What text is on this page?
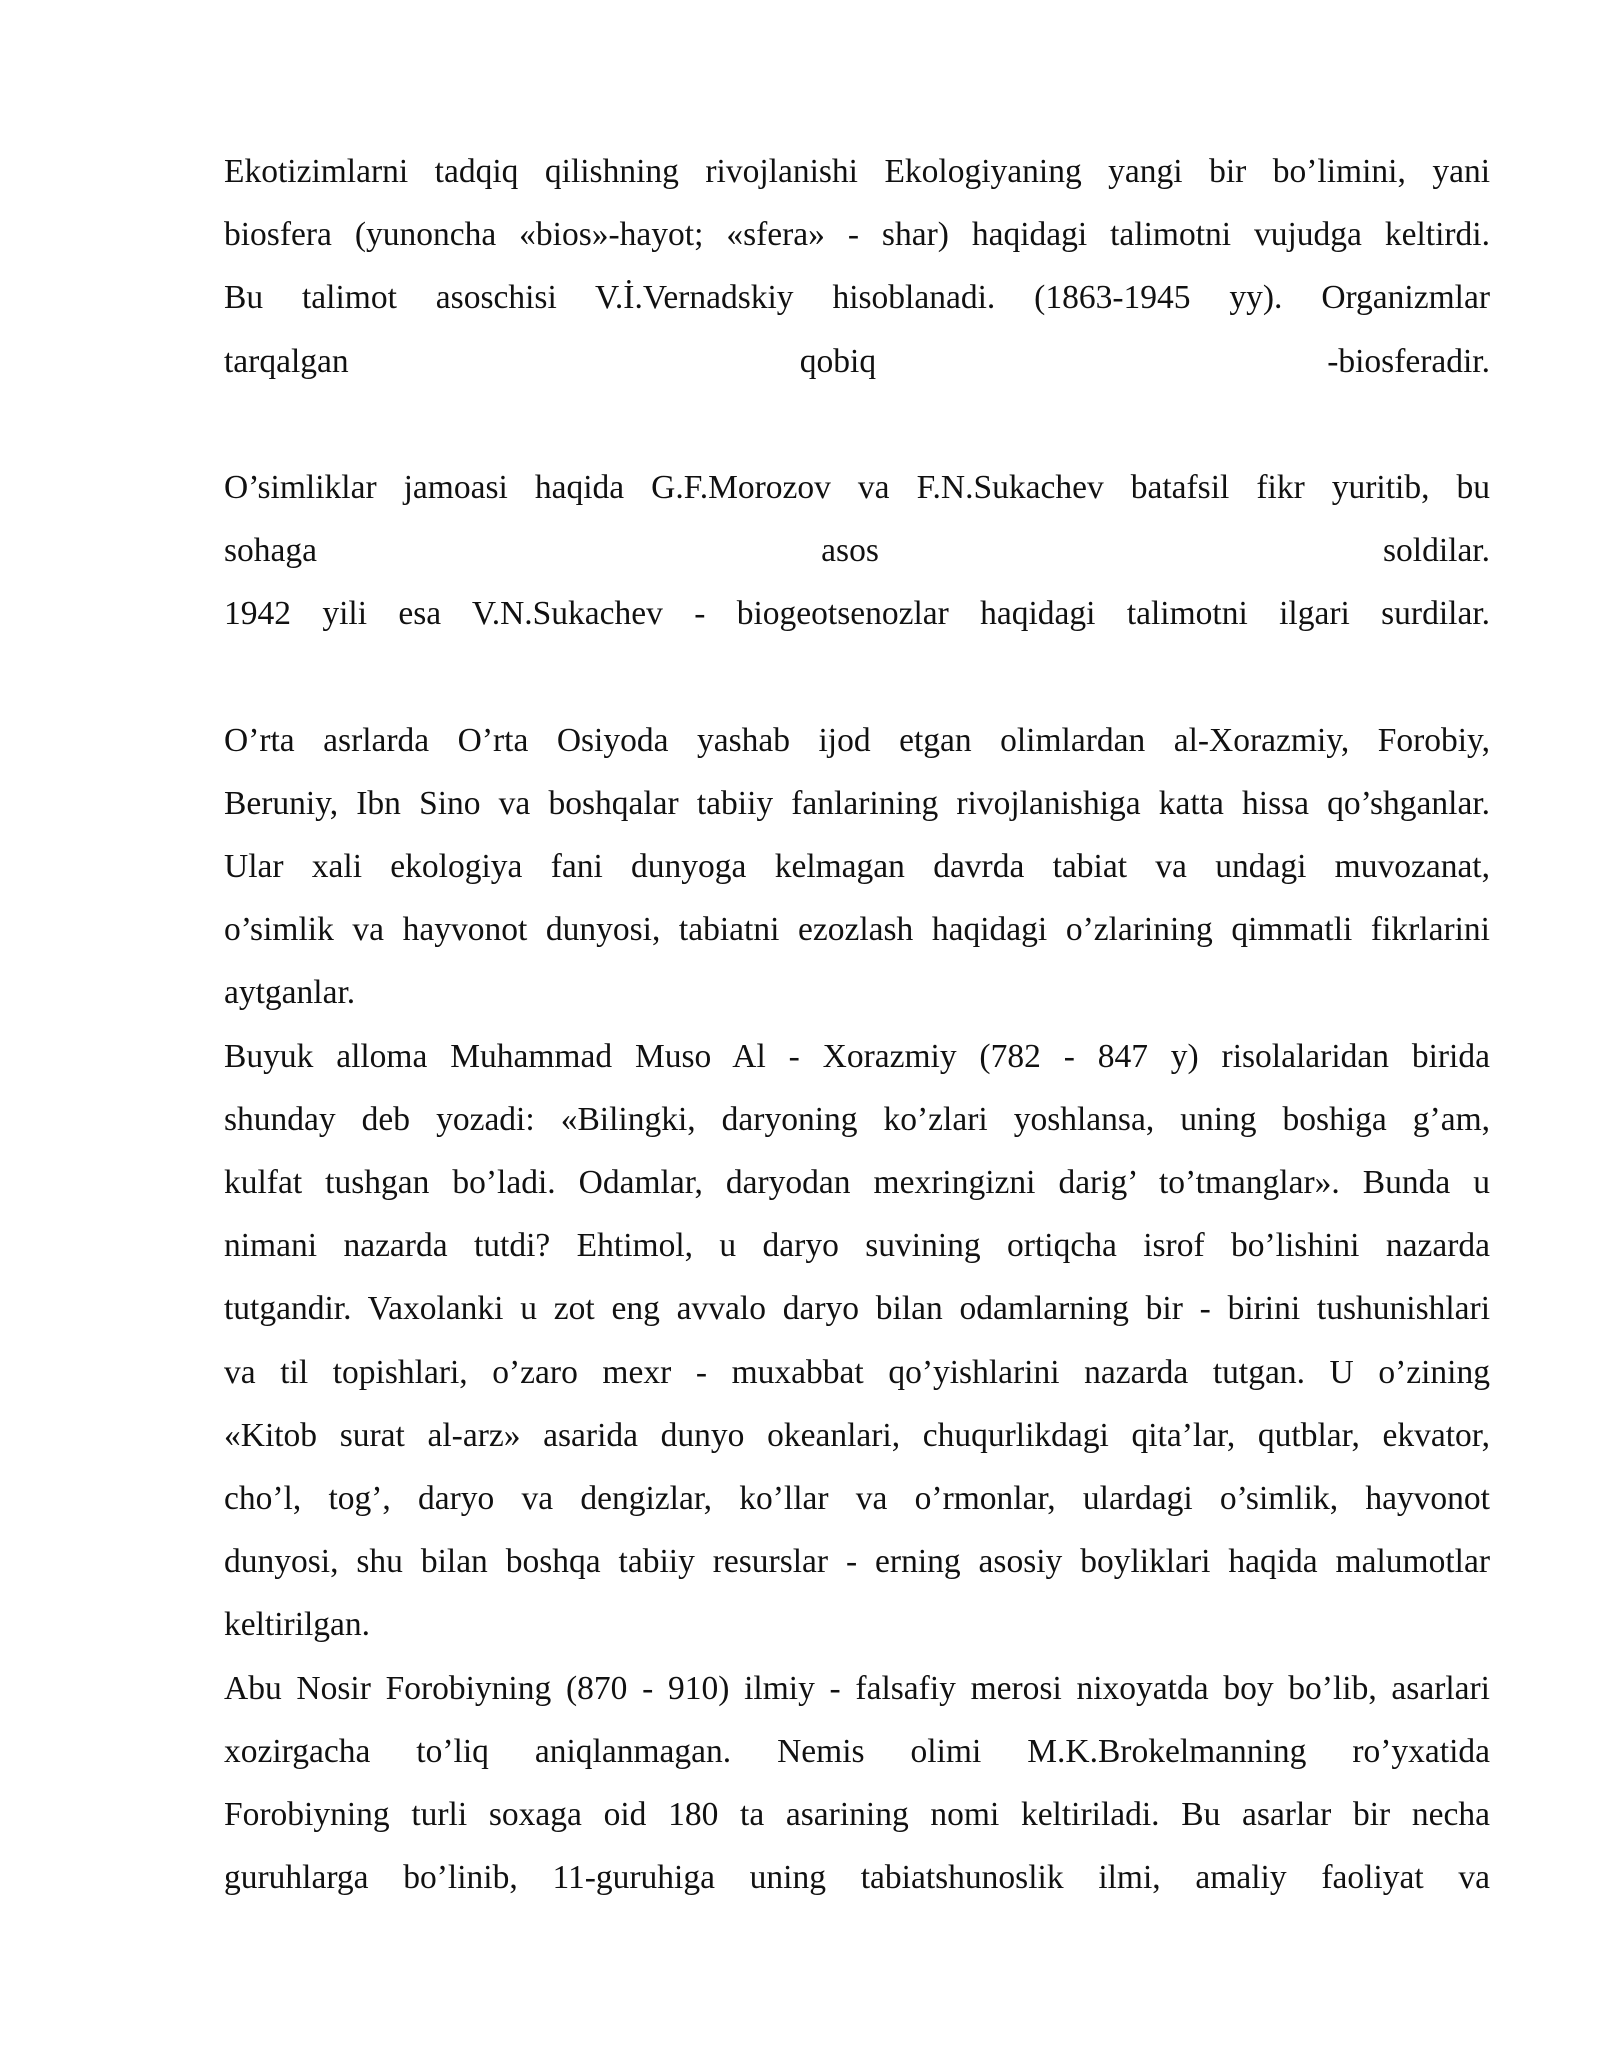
Ekotizimlarni tadqiq qilishning rivojlanishi Ekologiyaning yangi bir bo’limini, yani
biosfera (yunoncha «bios»-hayot; «sfera» - shar) haqidagi talimotni vujudga keltirdi.
Bu talimot asoschisi V.İ.Vernadskiy hisoblanadi. (1863-1945 yy). Organizmlar
tarqalgan qobiq -biosferadir.
O’simliklar jamoasi haqida G.F.Morozov va F.N.Sukachev batafsil fikr yuritib, bu
sohaga asos soldilar.
1942 yili esa V.N.Sukachev - biogeotsenozlar haqidagi talimotni ilgari surdilar.
O’rta asrlarda O’rta Osiyoda yashab ijod etgan olimlardan al-Xorazmiy, Forobiy,
Beruniy, Ibn Sino va boshqalar tabiiy fanlarining rivojlanishiga katta hissa qo’shganlar.
Ular xali ekologiya fani dunyoga kelmagan davrda tabiat va undagi muvozanat,
o’simlik va hayvonot dunyosi, tabiatni ezozlash haqidagi o’zlarining qimmatli fikrlarini
aytganlar.
Buyuk alloma Muhammad Muso Al - Xorazmiy (782 - 847 y) risolalaridan birida
shunday deb yozadi: «Bilingki, daryoning ko’zlari yoshlansa, uning boshiga g’am,
kulfat tushgan bo’ladi. Odamlar, daryodan mexringizni darig’ to’tmanglar». Bunda u
nimani nazarda tutdi? Ehtimol, u daryo suvining ortiqcha isrof bo’lishini nazarda
tutgandir. Vaxolanki u zot eng avvalo daryo bilan odamlarning bir - birini tushunishlari
va til topishlari, o’zaro mexr - muxabbat qo’yishlarini nazarda tutgan. U o’zining
«Kitob surat al-arz» asarida dunyo okeanlari, chuqurlikdagi qita’lar, qutblar, ekvator,
cho’l, tog’, daryo va dengizlar, ko’llar va o’rmonlar, ulardagi o’simlik, hayvonot
dunyosi, shu bilan boshqa tabiiy resurslar - erning asosiy boyliklari haqida malumotlar
keltirilgan.
Abu Nosir Forobiyning (870 - 910) ilmiy - falsafiy merosi nixoyatda boy bo’lib, asarlari
xozirgacha to’liq aniqlanmagan. Nemis olimi M.K.Brokelmanning ro’yxatida
Forobiyning turli soxaga oid 180 ta asarining nomi keltiriladi. Bu asarlar bir necha
guruhlarga bo’linib, 11-guruhiga uning tabiatshunoslik ilmi, amaliy faoliyat va
